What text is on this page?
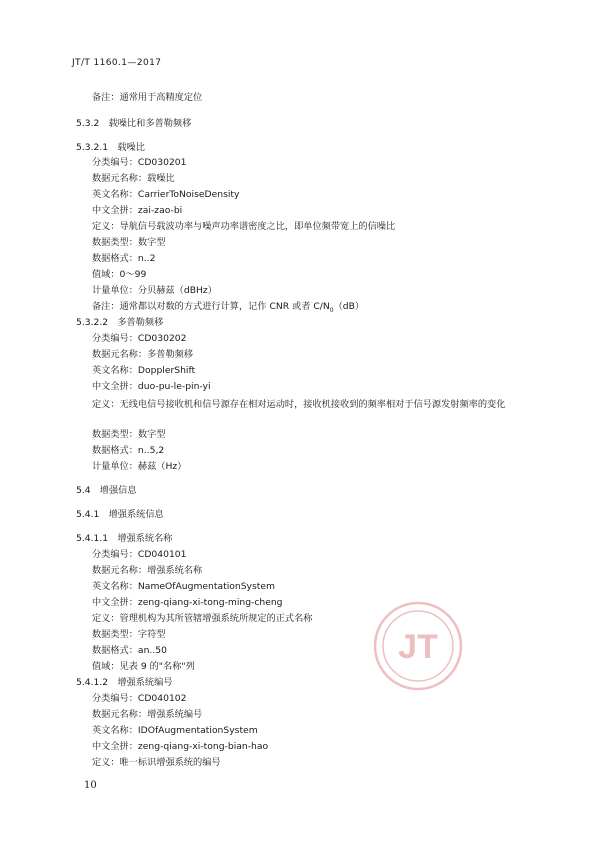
JT/T 1160.1—2017
备注：通常用于高精度定位
5.3.2　载噪比和多普勒频移
5.3.2.1　载噪比
分类编号：CD030201
数据元名称：载噪比
英文名称：CarrierToNoiseDensity
中文全拼：zai-zao-bi
定义：导航信号载波功率与噪声功率谱密度之比，即单位频带宽上的信噪比
数据类型：数字型
数据格式：n..2
值域：0～99
计量单位：分贝赫兹（dBHz）
备注：通常都以对数的方式进行计算，记作 CNR 或者 $C/N_0(dB)$
5.3.2.2　多普勒频移
分类编号：CD030202
数据元名称：多普勒频移
英文名称：DopplerShift
中文全拼：duo-pu-le-pin-yi
定义：无线电信号接收机和信号源存在相对运动时，接收机接收到的频率相对于信号源发射频率的变化
数据类型：数字型
数据格式：n..5,2
计量单位：赫兹（Hz）
5.4　增强信息
5.4.1　增强系统信息
5.4.1.1　增强系统名称
分类编号：CD040101
数据元名称：增强系统名称
英文名称：NameOfAugmentationSystem
中文全拼：zeng-qiang-xi-tong-ming-cheng
定义：管理机构为其所管辖增强系统所规定的正式名称
数据类型：字符型
数据格式：an..50
值域：见表 9 的"名称"列
5.4.1.2　增强系统编号
分类编号：CD040102
数据元名称：增强系统编号
英文名称：IDOfAugmentationSystem
中文全拼：zeng-qiang-xi-tong-bian-hao
定义：唯一标识增强系统的编号
10
JT
